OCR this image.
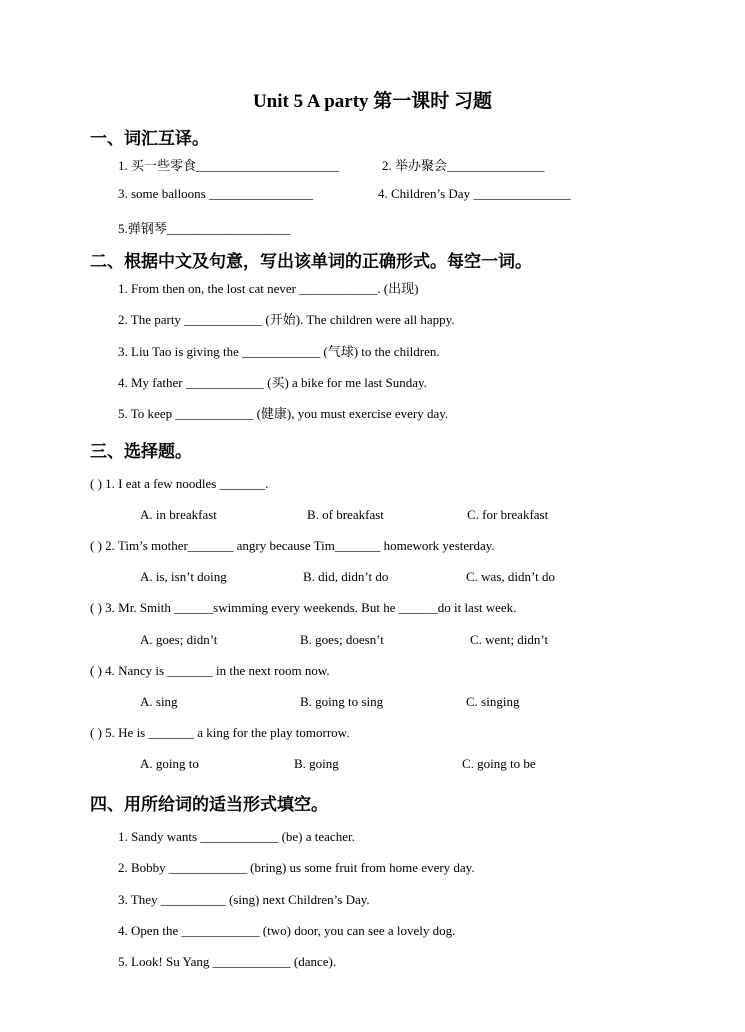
Unit 5 A party 第一课时 习题
一、词汇互译。
1. 买一些零食______________________	2. 举办聚会_______________
3. some balloons ________________	4. Children’s Day _______________
5.弹钢琴___________________
二、根据中文及句意，写出该单词的正确形式。每空一词。
1. From then on, the lost cat never ____________. (出现)
2. The party ____________ (开始). The children were all happy.
3. Liu Tao is giving the ____________ (气球) to the children.
4. My father ____________ (买) a bike for me last Sunday.
5. To keep ____________ (健康), you must exercise every day.
三、选择题。
( ) 1. I eat a few noodles _______.
A. in breakfast	B. of breakfast	C. for breakfast
( ) 2. Tim’s mother_______ angry because Tim_______ homework yesterday.
A. is, isn’t doing	B. did, didn’t do	C. was, didn’t do
( ) 3. Mr. Smith ______swimming every weekends. But he ______do it last week.
A. goes; didn’t	B. goes; doesn’t	C. went; didn’t
( ) 4. Nancy is _______ in the next room now.
A. sing	B. going to sing	C. singing
( ) 5. He is _______ a king for the play tomorrow.
A. going to	B. going	C. going to be
四、用所给词的适当形式填空。
1. Sandy wants ____________ (be) a teacher.
2. Bobby ____________ (bring) us some fruit from home every day.
3. They __________ (sing) next Children’s Day.
4. Open the ____________ (two) door, you can see a lovely dog.
5. Look! Su Yang ____________ (dance).
